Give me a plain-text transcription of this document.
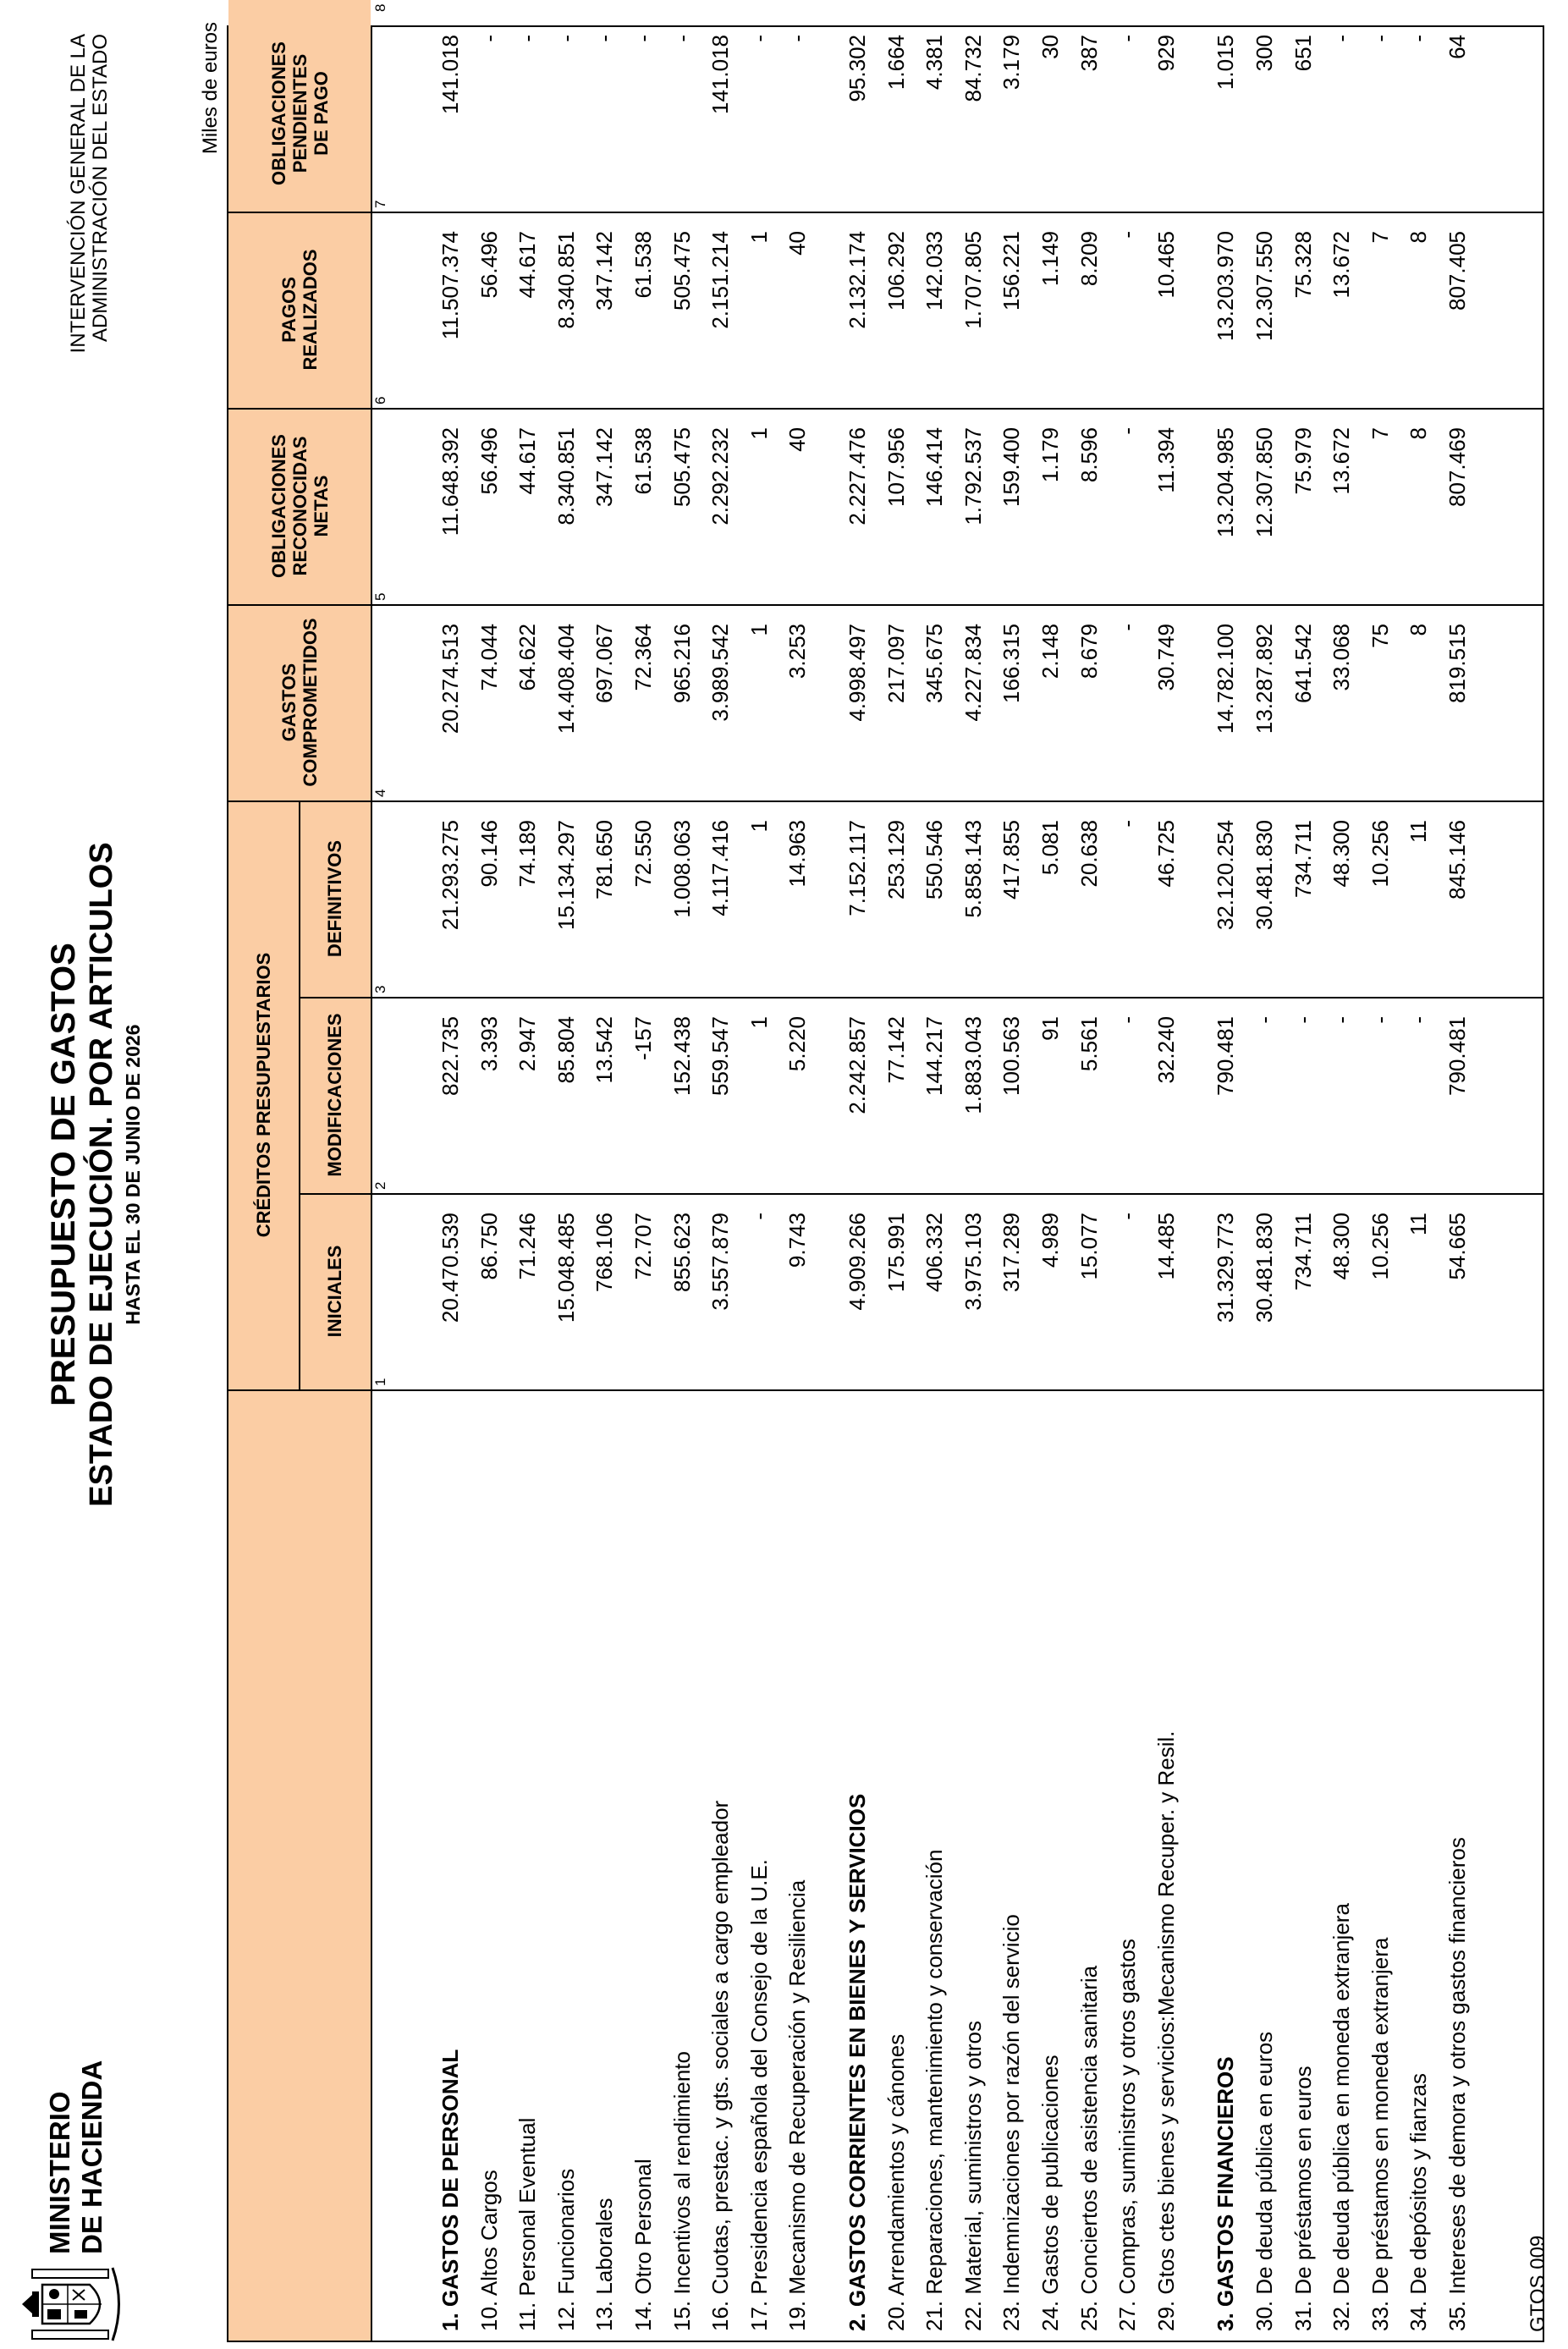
MINISTERIO DE HACIENDA
PRESUPUESTO DE GASTOS ESTADO DE EJECUCIÓN. POR ARTICULOS HASTA EL 30 DE JUNIO DE 2026
INTERVENCIÓN GENERAL DE LA ADMINISTRACIÓN DEL ESTADO	Miles de euros
CRÉDITOS PRESUPUESTARIOS
INICIALES
MODIFICACIONES
DEFINITIVOS
GASTOS COMPROMETIDOS
OBLIGACIONES RECONOCIDAS NETAS
PAGOS REALIZADOS
OBLIGACIONES PENDIENTES DE PAGO
1
2
3
4
5
6
7
8
1. GASTOS DE PERSONAL
20.470.539
822.735
21.293.275
20.274.513
11.648.392
11.507.374
141.018
10. Altos Cargos
86.750
3.393
90.146
74.044
56.496
56.496
-
11. Personal Eventual
71.246
2.947
74.189
64.622
44.617
44.617
-
12. Funcionarios
15.048.485
85.804
15.134.297
14.408.404
8.340.851
8.340.851
-
13. Laborales
768.106
13.542
781.650
697.067
347.142
347.142
-
14. Otro Personal
72.707
-157
72.550
72.364
61.538
61.538
-
15. Incentivos al rendimiento
855.623
152.438
1.008.063
965.216
505.475
505.475
-
16. Cuotas, prestac. y gts. sociales a cargo empleador
3.557.879
559.547
4.117.416
3.989.542
2.292.232
2.151.214
141.018
17. Presidencia española del Consejo de la U.E.
-
1
1
1
1
1
-
19. Mecanismo de Recuperación y Resiliencia
9.743
5.220
14.963
3.253
40
40
-
2. GASTOS CORRIENTES EN BIENES Y SERVICIOS
4.909.266
2.242.857
7.152.117
4.998.497
2.227.476
2.132.174
95.302
20. Arrendamientos y cánones
175.991
77.142
253.129
217.097
107.956
106.292
1.664
21. Reparaciones, mantenimiento y conservación
406.332
144.217
550.546
345.675
146.414
142.033
4.381
22. Material, suministros y otros
3.975.103
1.883.043
5.858.143
4.227.834
1.792.537
1.707.805
84.732
23. Indemnizaciones por razón del servicio
317.289
100.563
417.855
166.315
159.400
156.221
3.179
24. Gastos de publicaciones
4.989
91
5.081
2.148
1.179
1.149
30
25. Conciertos de asistencia sanitaria
15.077
5.561
20.638
8.679
8.596
8.209
387
27. Compras, suministros y otros gastos
-
-
-
-
-
-
-
29. Gtos ctes bienes y servicios:Mecanismo Recuper. y Resil.
14.485
32.240
46.725
30.749
11.394
10.465
929
3. GASTOS FINANCIEROS
31.329.773
790.481
32.120.254
14.782.100
13.204.985
13.203.970
1.015
30. De deuda pública en euros
30.481.830
-
30.481.830
13.287.892
12.307.850
12.307.550
300
31. De préstamos en euros
734.711
-
734.711
641.542
75.979
75.328
651
32. De deuda pública en moneda extranjera
48.300
-
48.300
33.068
13.672
13.672
-
33. De préstamos en moneda extranjera
10.256
-
10.256
75
7
7
-
34. De depósitos y fianzas
11
-
11
8
8
8
-
35. Intereses de demora y otros gastos financieros
54.665
790.481
845.146
819.515
807.469
807.405
64
GTOS 009
